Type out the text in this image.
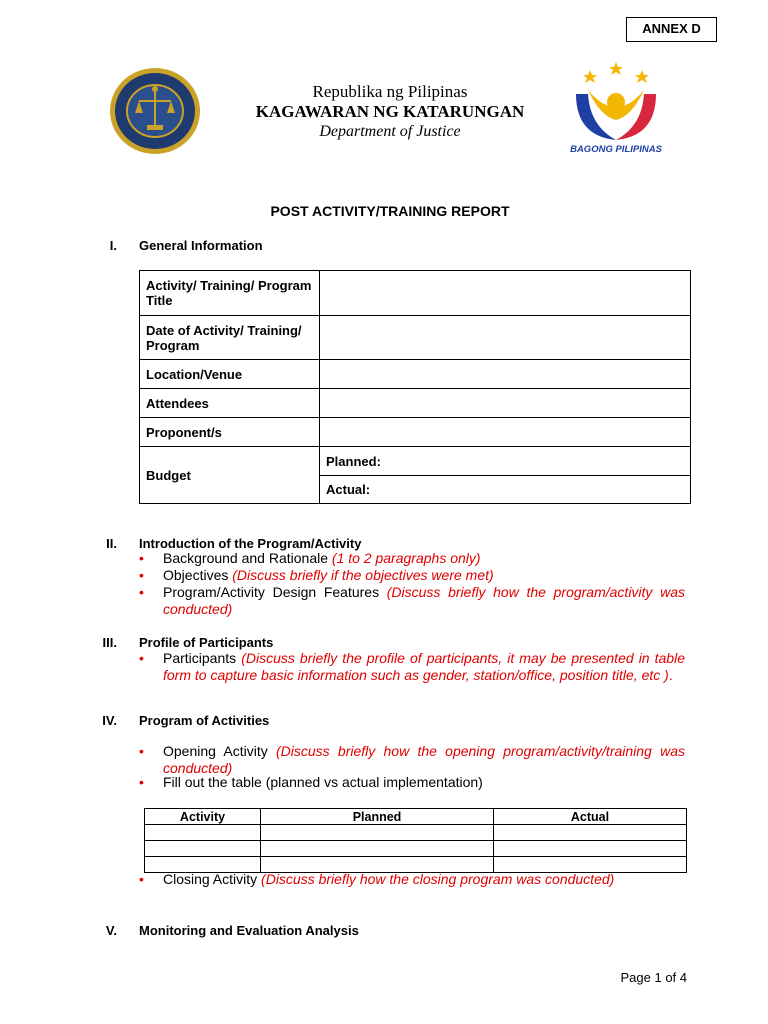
ANNEX D
Republika ng Pilipinas
KAGAWARAN NG KATARUNGAN
Department of Justice
BAGONG PILIPINAS
POST ACTIVITY/TRAINING REPORT
I. General Information
Activity/ Training/ Program Title	
Date of Activity/ Training/ Program	
Location/Venue	
Attendees	
Proponent/s	
Budget	Planned:
	Actual:
II. Introduction of the Program/Activity
• Background and Rationale (1 to 2 paragraphs only)
• Objectives (Discuss briefly if the objectives were met)
• Program/Activity Design Features (Discuss briefly how the program/activity was conducted)
III. Profile of Participants
• Participants (Discuss briefly the profile of participants, it may be presented in table form to capture basic information such as gender, station/office, position title, etc ).
IV. Program of Activities
• Opening Activity (Discuss briefly how the opening program/activity/training was conducted)
• Fill out the table (planned vs actual implementation)
Activity	Planned	Actual

• Closing Activity (Discuss briefly how the closing program was conducted)
V. Monitoring and Evaluation Analysis
Page 1 of 4
